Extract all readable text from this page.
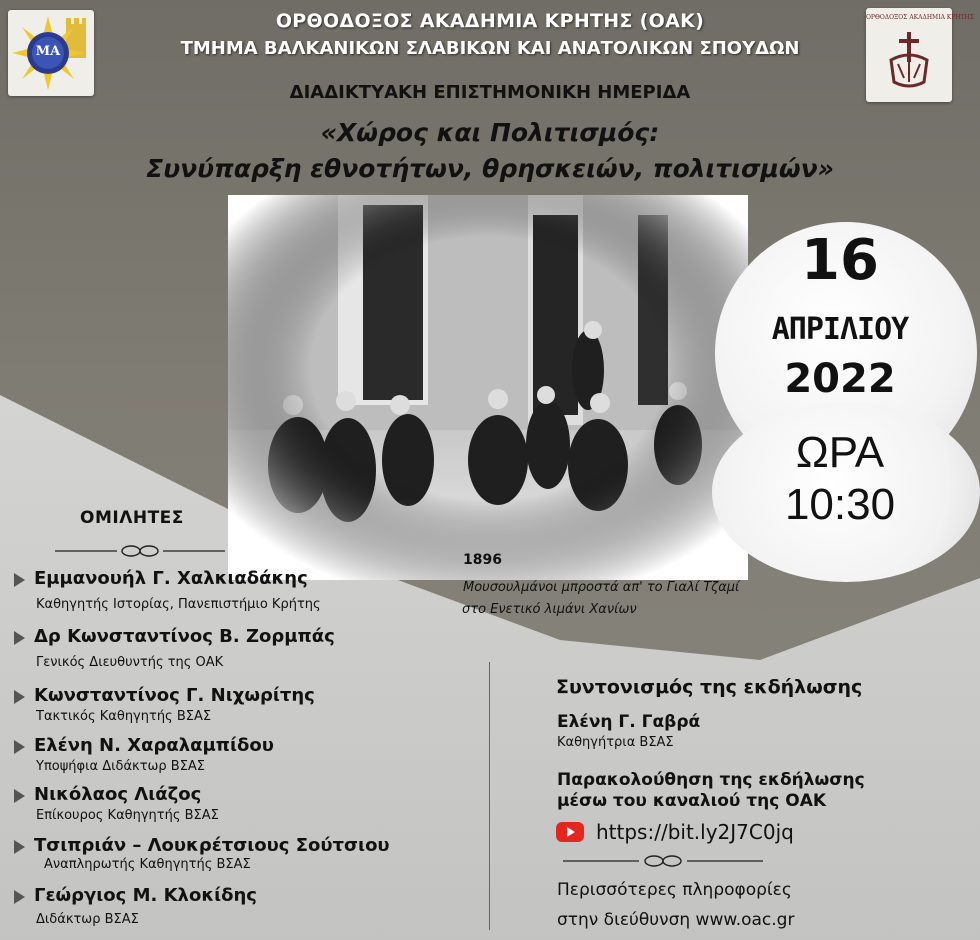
ΜΑ
ΟΡΘΟΔΟΞΟΣ ΑΚΑΔΗΜΙΑ ΚΡΗΤΗΣ
ΟΡΘΟΔΟΞΟΣ ΑΚΑΔΗΜΙΑ ΚΡΗΤΗΣ (ΟΑΚ)
ΤΜΗΜΑ ΒΑΛΚΑΝΙΚΩΝ ΣΛΑΒΙΚΩΝ ΚΑΙ ΑΝΑΤΟΛΙΚΩΝ ΣΠΟΥΔΩΝ
ΔΙΑΔΙΚΤΥΑΚΗ ΕΠΙΣΤΗΜΟΝΙΚΗ ΗΜΕΡΙΔΑ
«Χώρος και Πολιτισμός:
Συνύπαρξη εθνοτήτων, θρησκειών, πολιτισμών»
1896
Μουσουλμάνοι μπροστά απ' το Γιαλί Τζαμί
στο Ενετικό λιμάνι Χανίων
16
ΑΠΡΙΛΙΟΥ
2022
ΩΡΑ
10:30
ΟΜΙΛΗΤΕΣ
Εμμανουήλ Γ. Χαλκιαδάκης
Καθηγητής Ιστορίας, Πανεπιστήμιο Κρήτης
Δρ Κωνσταντίνος Β. Ζορμπάς
Γενικός Διευθυντής της ΟΑΚ
Κωνσταντίνος Γ. Νιχωρίτης
Τακτικός Καθηγητής ΒΣΑΣ
Ελένη Ν. Χαραλαμπίδου
Υποψήφια Διδάκτωρ ΒΣΑΣ
Νικόλαος Λιάζος
Επίκουρος Καθηγητής ΒΣΑΣ
Τσιπριάν – Λουκρέτσιους Σούτσιου
Αναπληρωτής Καθηγητής ΒΣΑΣ
Γεώργιος Μ. Κλοκίδης
Διδάκτωρ ΒΣΑΣ
Συντονισμός της εκδήλωσης
Ελένη Γ. Γαβρά
Καθηγήτρια ΒΣΑΣ
Παρακολούθηση της εκδήλωσης
μέσω του καναλιού της ΟΑΚ
https://bit.ly2J7C0jq
Περισσότερες πληροφορίες
στην διεύθυνση www.oac.gr
